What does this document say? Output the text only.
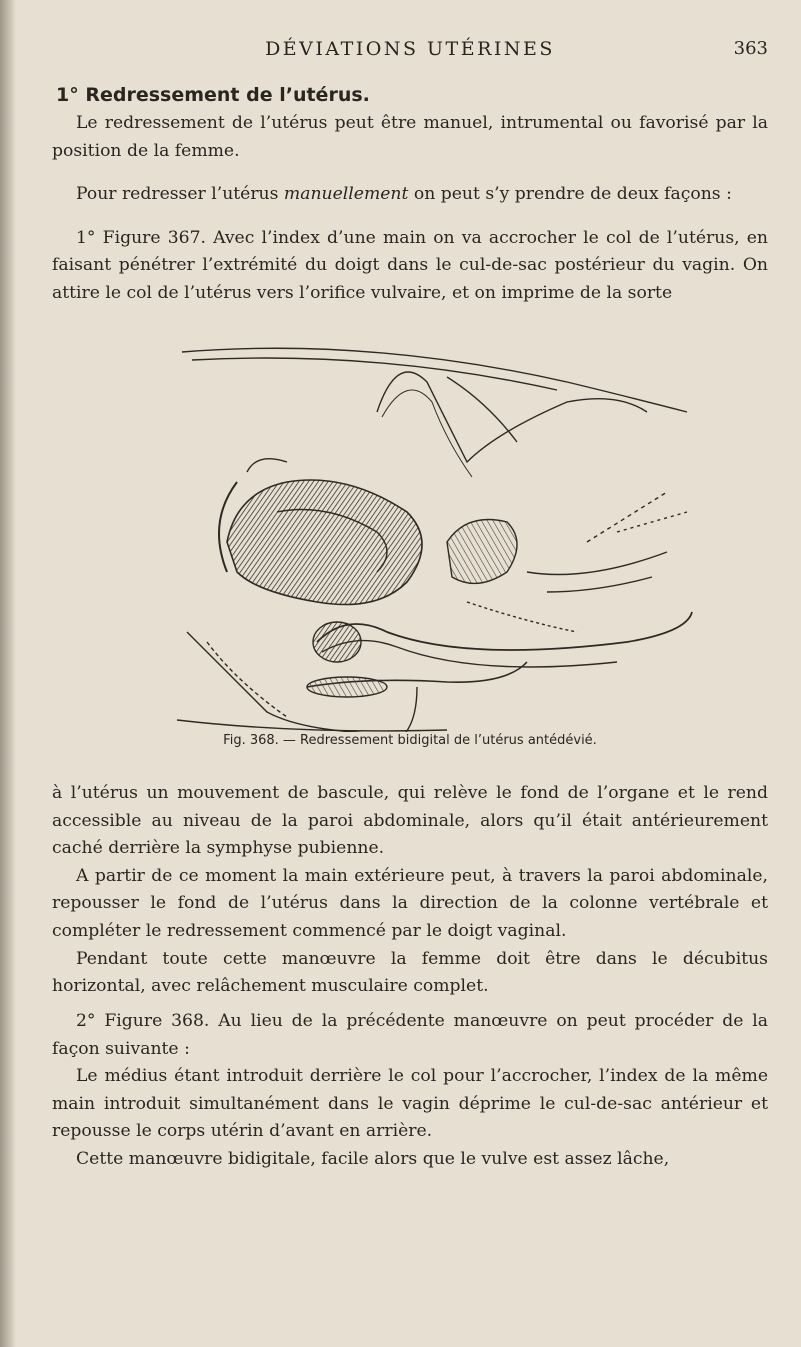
DÉVIATIONS UTÉRINES	363
1° Redressement de l’utérus.

Le redressement de l’utérus peut être manuel, intrumental ou favorisé par la position de la femme.

Pour redresser l’utérus manuellement on peut s’y prendre de deux façons :

1° Figure 367. Avec l’index d’une main on va accrocher le col de l’utérus, en faisant pénétrer l’extrémité du doigt dans le cul-de-sac postérieur du vagin. On attire le col de l’utérus vers l’orifice vulvaire, et on imprime de la sorte

Fig. 368. — Redressement bidigital de l’utérus antédévié.

à l’utérus un mouvement de bascule, qui relève le fond de l’organe et le rend accessible au niveau de la paroi abdominale, alors qu’il était antérieurement caché derrière la symphyse pubienne.

A partir de ce moment la main extérieure peut, à travers la paroi abdominale, repousser le fond de l’utérus dans la direction de la colonne vertébrale et compléter le redressement commencé par le doigt vaginal.

Pendant toute cette manœuvre la femme doit être dans le décubitus horizontal, avec relâchement musculaire complet.

2° Figure 368. Au lieu de la précédente manœuvre on peut procéder de la façon suivante :

Le médius étant introduit derrière le col pour l’accrocher, l’index de la même main introduit simultanément dans le vagin déprime le cul-de-sac antérieur et repousse le corps utérin d’avant en arrière.

Cette manœuvre bidigitale, facile alors que le vulve est assez lâche,
